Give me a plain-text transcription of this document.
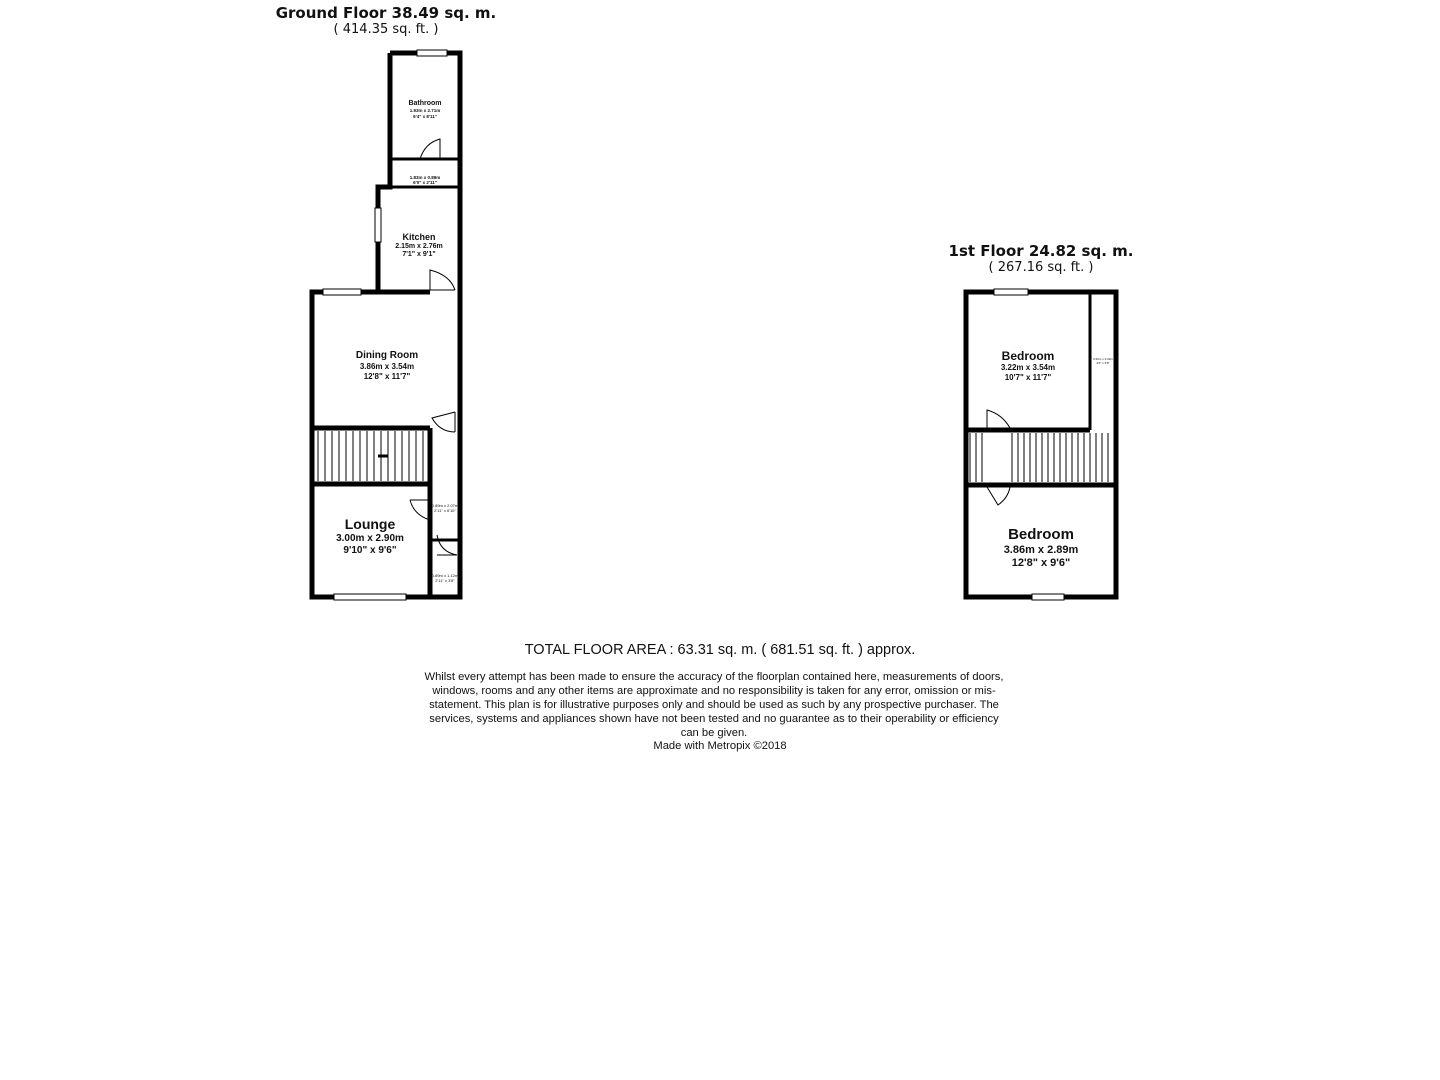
Ground Floor 38.49 sq. m.
( 414.35 sq. ft. )
1st Floor 24.82 sq. m.
( 267.16 sq. ft. )
Bathroom
1.93m x 2.71m
6'4" x 8'11"
1.83m x 0.89m
6'0" x 2'11"
Kitchen
2.15m x 2.76m
7'1" x 9'1"
Dining Room
3.86m x 3.54m
12'8" x 11'7"
Lounge
3.00m x 2.90m
9'10" x 9'6"
0.89m x 2.07m
2'11" x 6'10"
0.89m x 1.12m
2'11" x 3'8"
Bedroom
3.22m x 3.54m
10'7" x 11'7"
0.62m x 2.02m
2'0" x 6'8"
Bedroom
3.86m x 2.89m
12'8" x 9'6"
TOTAL FLOOR AREA : 63.31 sq. m. ( 681.51 sq. ft. ) approx.
Whilst every attempt has been made to ensure the accuracy of the floorplan contained here, measurements of doors, windows, rooms and any other items are approximate and no responsibility is taken for any error, omission or mis-statement. This plan is for illustrative purposes only and should be used as such by any prospective purchaser. The services, systems and appliances shown have not been tested and no guarantee as to their operability or efficiency can be given.
Made with Metropix ©2018
